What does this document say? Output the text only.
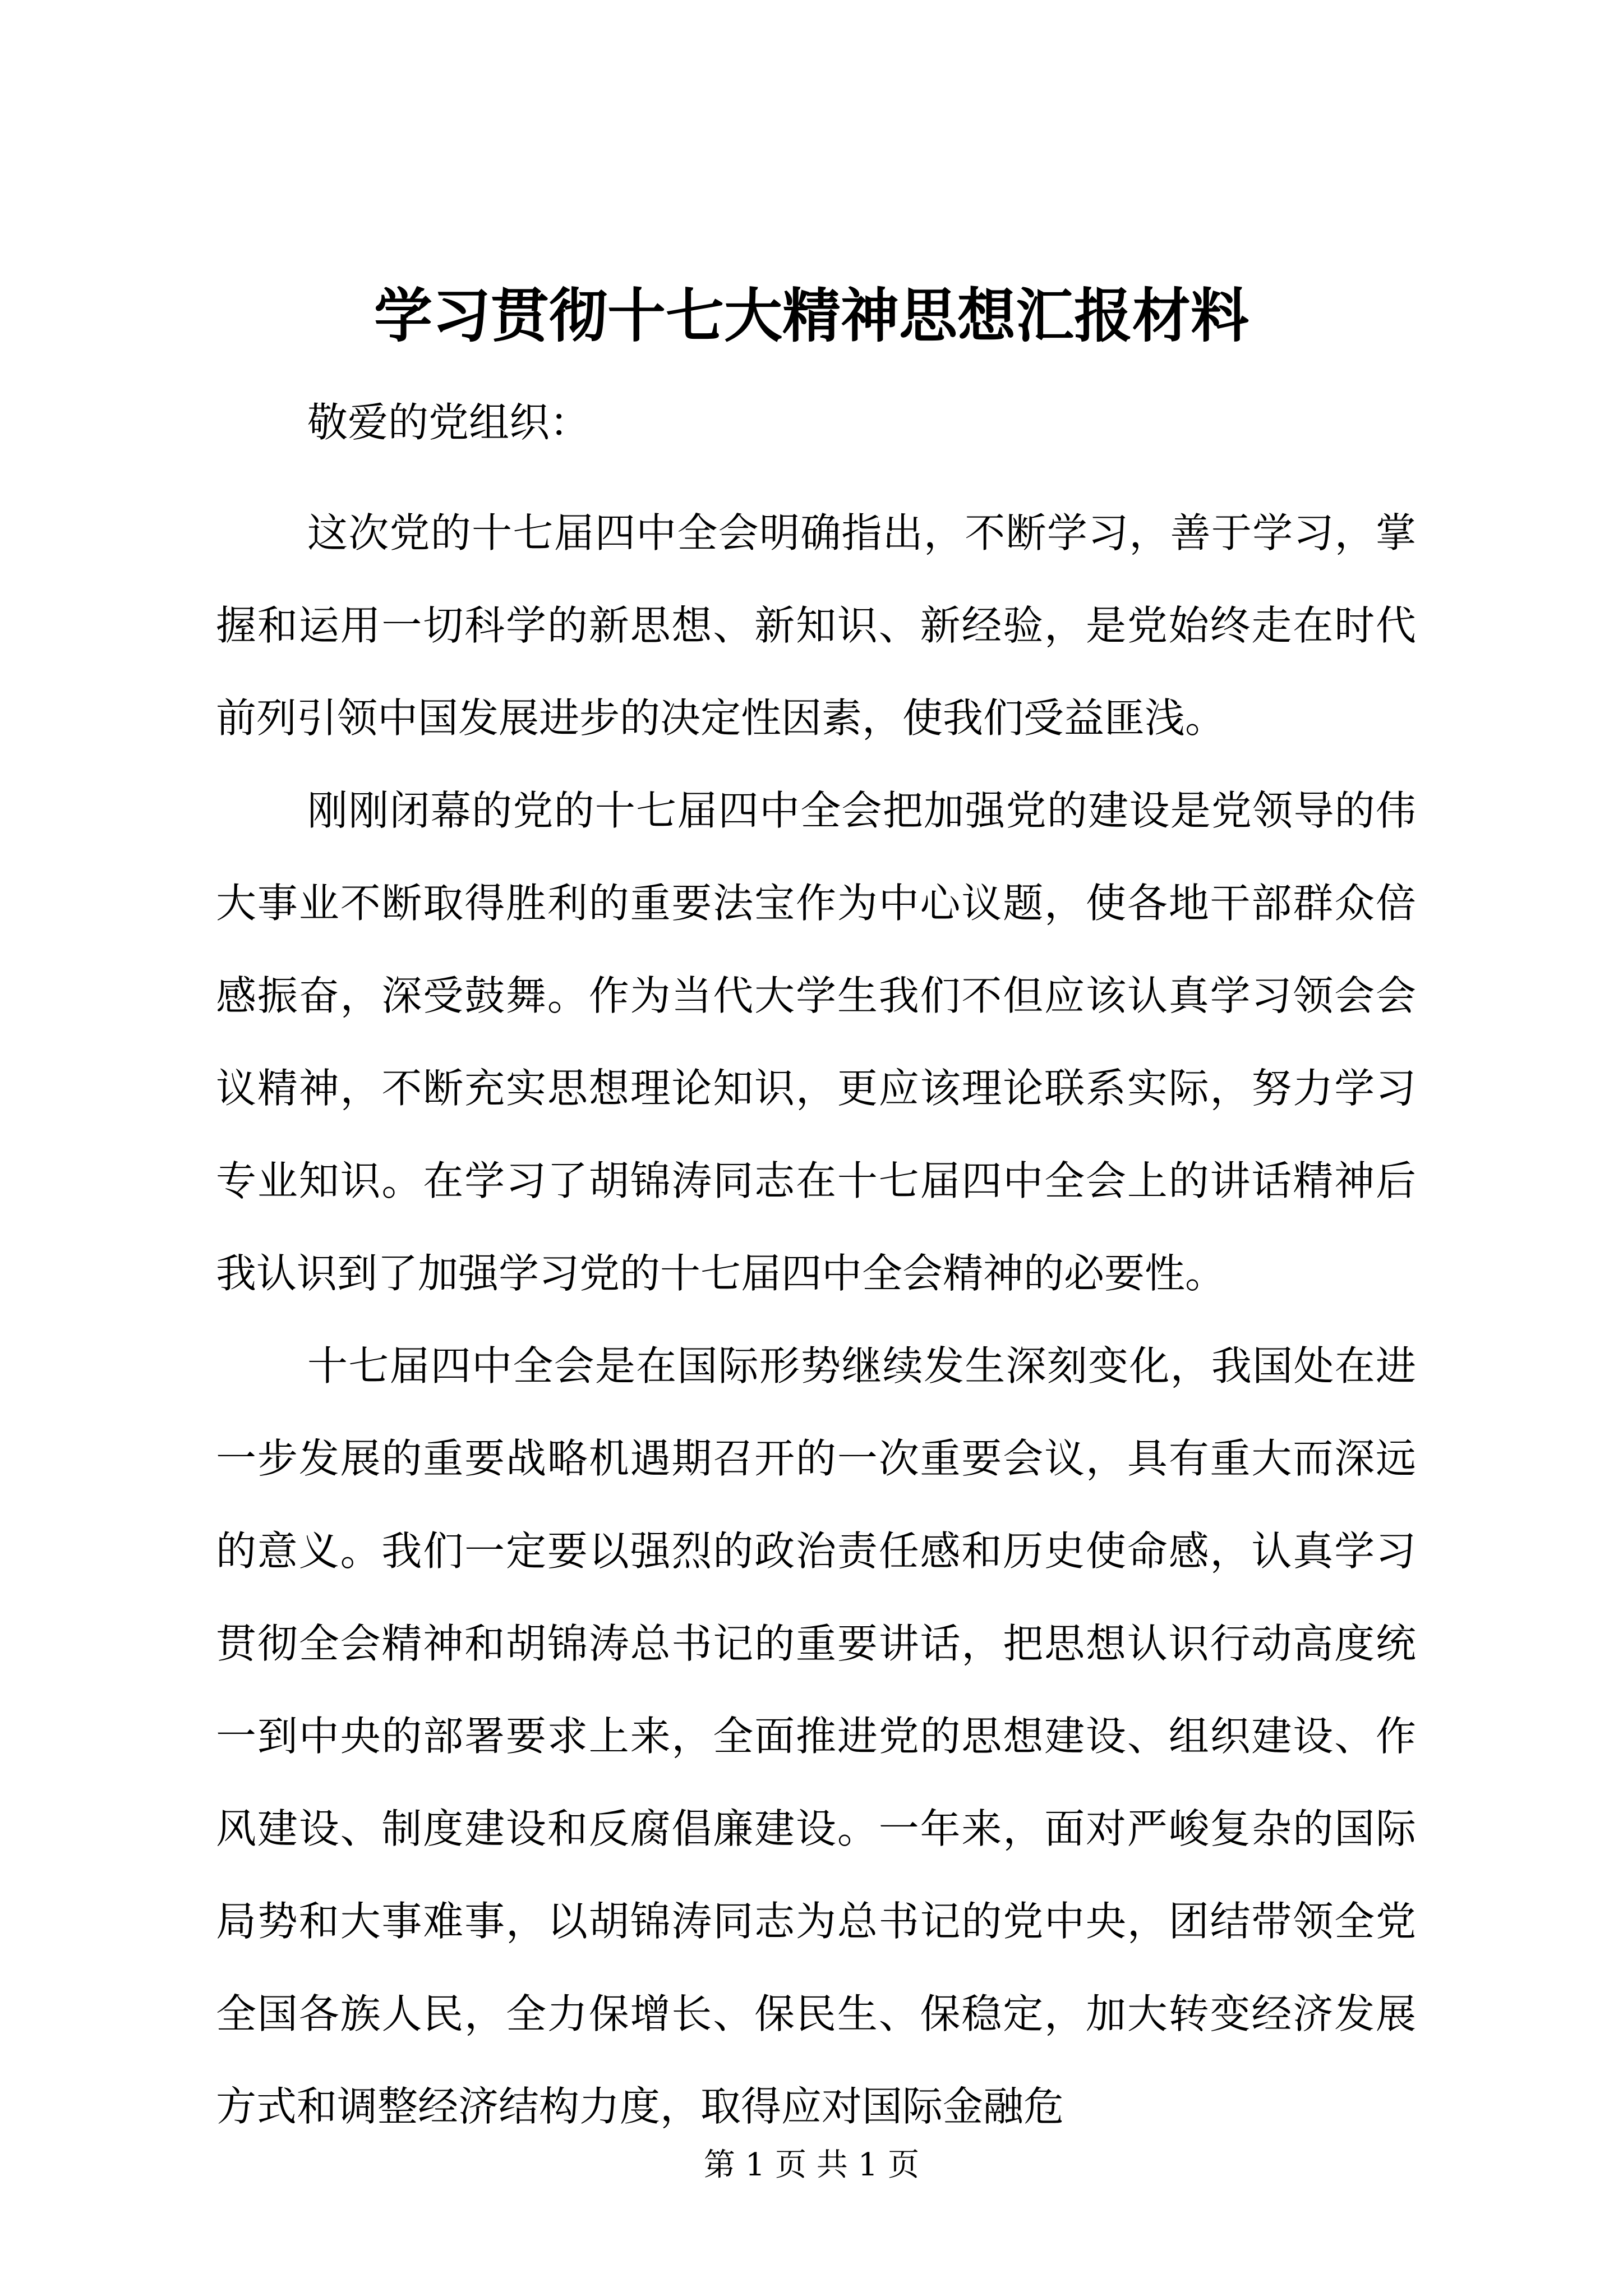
学习贯彻十七大精神思想汇报材料

敬爱的党组织：

这次党的十七届四中全会明确指出，不断学习，善于学习，掌握和运用一切科学的新思想、新知识、新经验，是党始终走在时代前列引领中国发展进步的决定性因素，使我们受益匪浅。

刚刚闭幕的党的十七届四中全会把加强党的建设是党领导的伟大事业不断取得胜利的重要法宝作为中心议题，使各地干部群众倍感振奋，深受鼓舞。作为当代大学生我们不但应该认真学习领会会议精神，不断充实思想理论知识，更应该理论联系实际，努力学习专业知识。在学习了胡锦涛同志在十七届四中全会上的讲话精神后我认识到了加强学习党的十七届四中全会精神的必要性。

十七届四中全会是在国际形势继续发生深刻变化，我国处在进一步发展的重要战略机遇期召开的一次重要会议，具有重大而深远的意义。我们一定要以强烈的政治责任感和历史使命感，认真学习贯彻全会精神和胡锦涛总书记的重要讲话，把思想认识行动高度统一到中央的部署要求上来，全面推进党的思想建设、组织建设、作风建设、制度建设和反腐倡廉建设。一年来，面对严峻复杂的国际局势和大事难事，以胡锦涛同志为总书记的党中央，团结带领全党全国各族人民，全力保增长、保民生、保稳定，加大转变经济发展方式和调整经济结构力度，取得应对国际金融危

第 1 页 共 1 页
